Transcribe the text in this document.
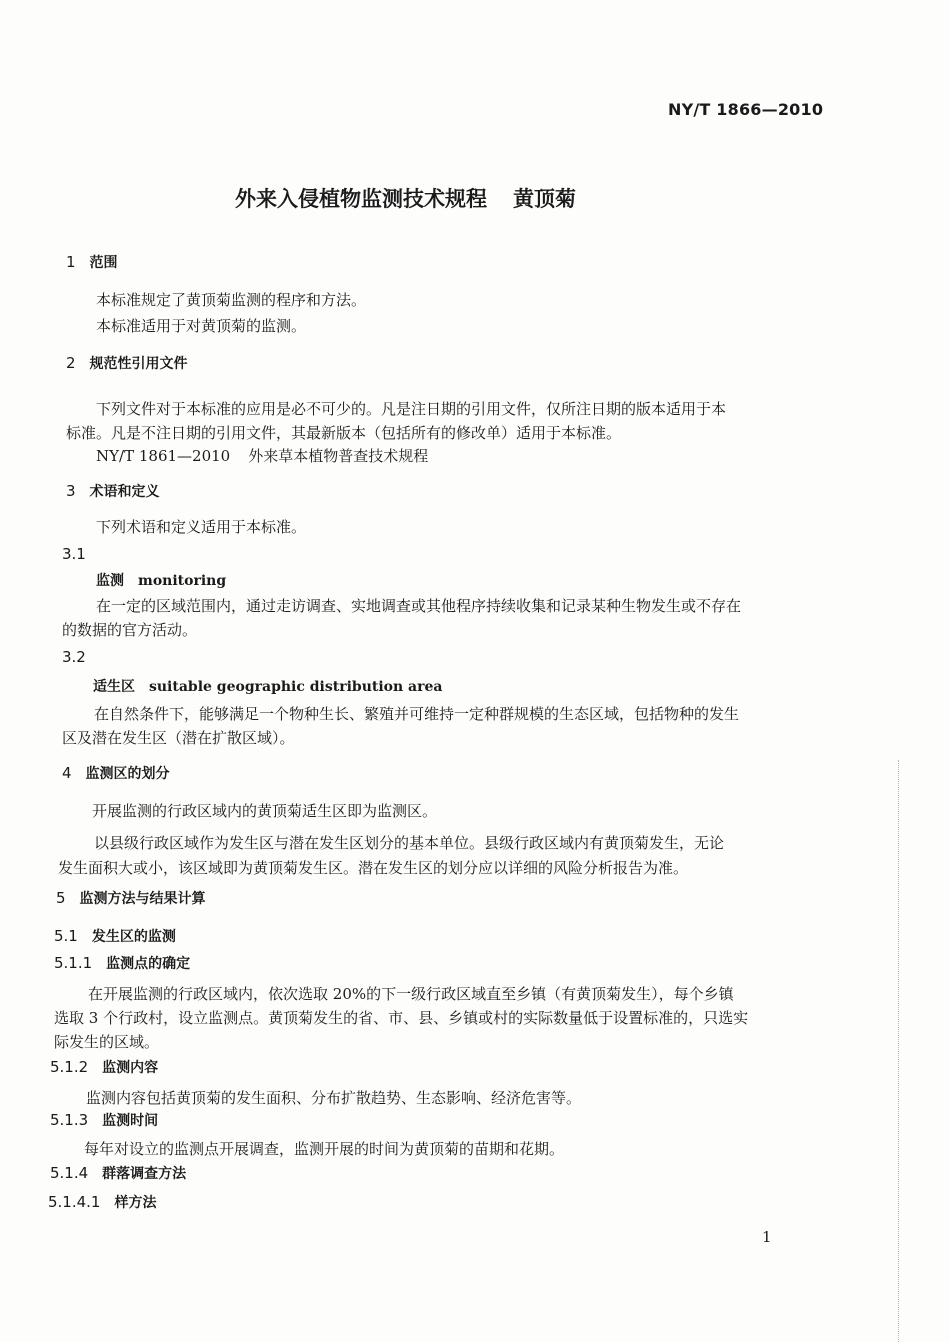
NY/T 1866—2010
外来入侵植物监测技术规程 黄顶菊
1 范围
本标准规定了黄顶菊监测的程序和方法。
本标准适用于对黄顶菊的监测。
2 规范性引用文件
下列文件对于本标准的应用是必不可少的。凡是注日期的引用文件，仅所注日期的版本适用于本
标准。凡是不注日期的引用文件，其最新版本（包括所有的修改单）适用于本标准。
NY/T 1861—2010 外来草本植物普查技术规程
3 术语和定义
下列术语和定义适用于本标准。
3.1
监测 monitoring
在一定的区域范围内，通过走访调查、实地调查或其他程序持续收集和记录某种生物发生或不存在
的数据的官方活动。
3.2
适生区 suitable geographic distribution area
在自然条件下，能够满足一个物种生长、繁殖并可维持一定种群规模的生态区域，包括物种的发生
区及潜在发生区（潜在扩散区域）。
4 监测区的划分
开展监测的行政区域内的黄顶菊适生区即为监测区。
以县级行政区域作为发生区与潜在发生区划分的基本单位。县级行政区域内有黄顶菊发生，无论
发生面积大或小，该区域即为黄顶菊发生区。潜在发生区的划分应以详细的风险分析报告为准。
5 监测方法与结果计算
5.1 发生区的监测
5.1.1 监测点的确定
在开展监测的行政区域内，依次选取 20%的下一级行政区域直至乡镇（有黄顶菊发生），每个乡镇
选取 3 个行政村，设立监测点。黄顶菊发生的省、市、县、乡镇或村的实际数量低于设置标准的，只选实
际发生的区域。
5.1.2 监测内容
监测内容包括黄顶菊的发生面积、分布扩散趋势、生态影响、经济危害等。
5.1.3 监测时间
每年对设立的监测点开展调查，监测开展的时间为黄顶菊的苗期和花期。
5.1.4 群落调查方法
5.1.4.1 样方法
1
